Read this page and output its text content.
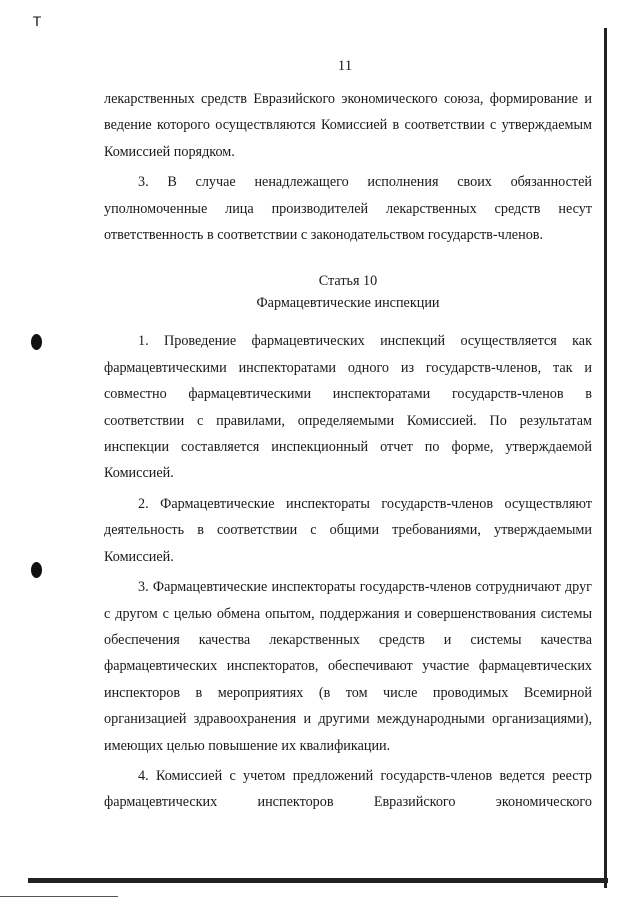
ꓔ
11

лекарственных средств Евразийского экономического союза, формирование и ведение которого осуществляются Комиссией в соответствии с утверждаемым Комиссией порядком.

3. В случае ненадлежащего исполнения своих обязанностей уполномоченные лица производителей лекарственных средств несут ответственность в соответствии с законодательством государств-членов.

Статья 10

Фармацевтические инспекции

1. Проведение фармацевтических инспекций осуществляется как фармацевтическими инспекторатами одного из государств-членов, так и совместно фармацевтическими инспекторатами государств-членов в соответствии с правилами, определяемыми Комиссией. По результатам инспекции составляется инспекционный отчет по форме, утверждаемой Комиссией.

2. Фармацевтические инспектораты государств-членов осуществляют деятельность в соответствии с общими требованиями, утверждаемыми Комиссией.

3. Фармацевтические инспектораты государств-членов сотрудничают друг с другом с целью обмена опытом, поддержания и совершенствования системы обеспечения качества лекарственных средств и системы качества фармацевтических инспекторатов, обеспечивают участие фармацевтических инспекторов в мероприятиях (в том числе проводимых Всемирной организацией здравоохранения и другими международными организациями), имеющих целью повышение их квалификации.

4. Комиссией с учетом предложений государств-членов ведется реестр фармацевтических инспекторов Евразийского экономического
